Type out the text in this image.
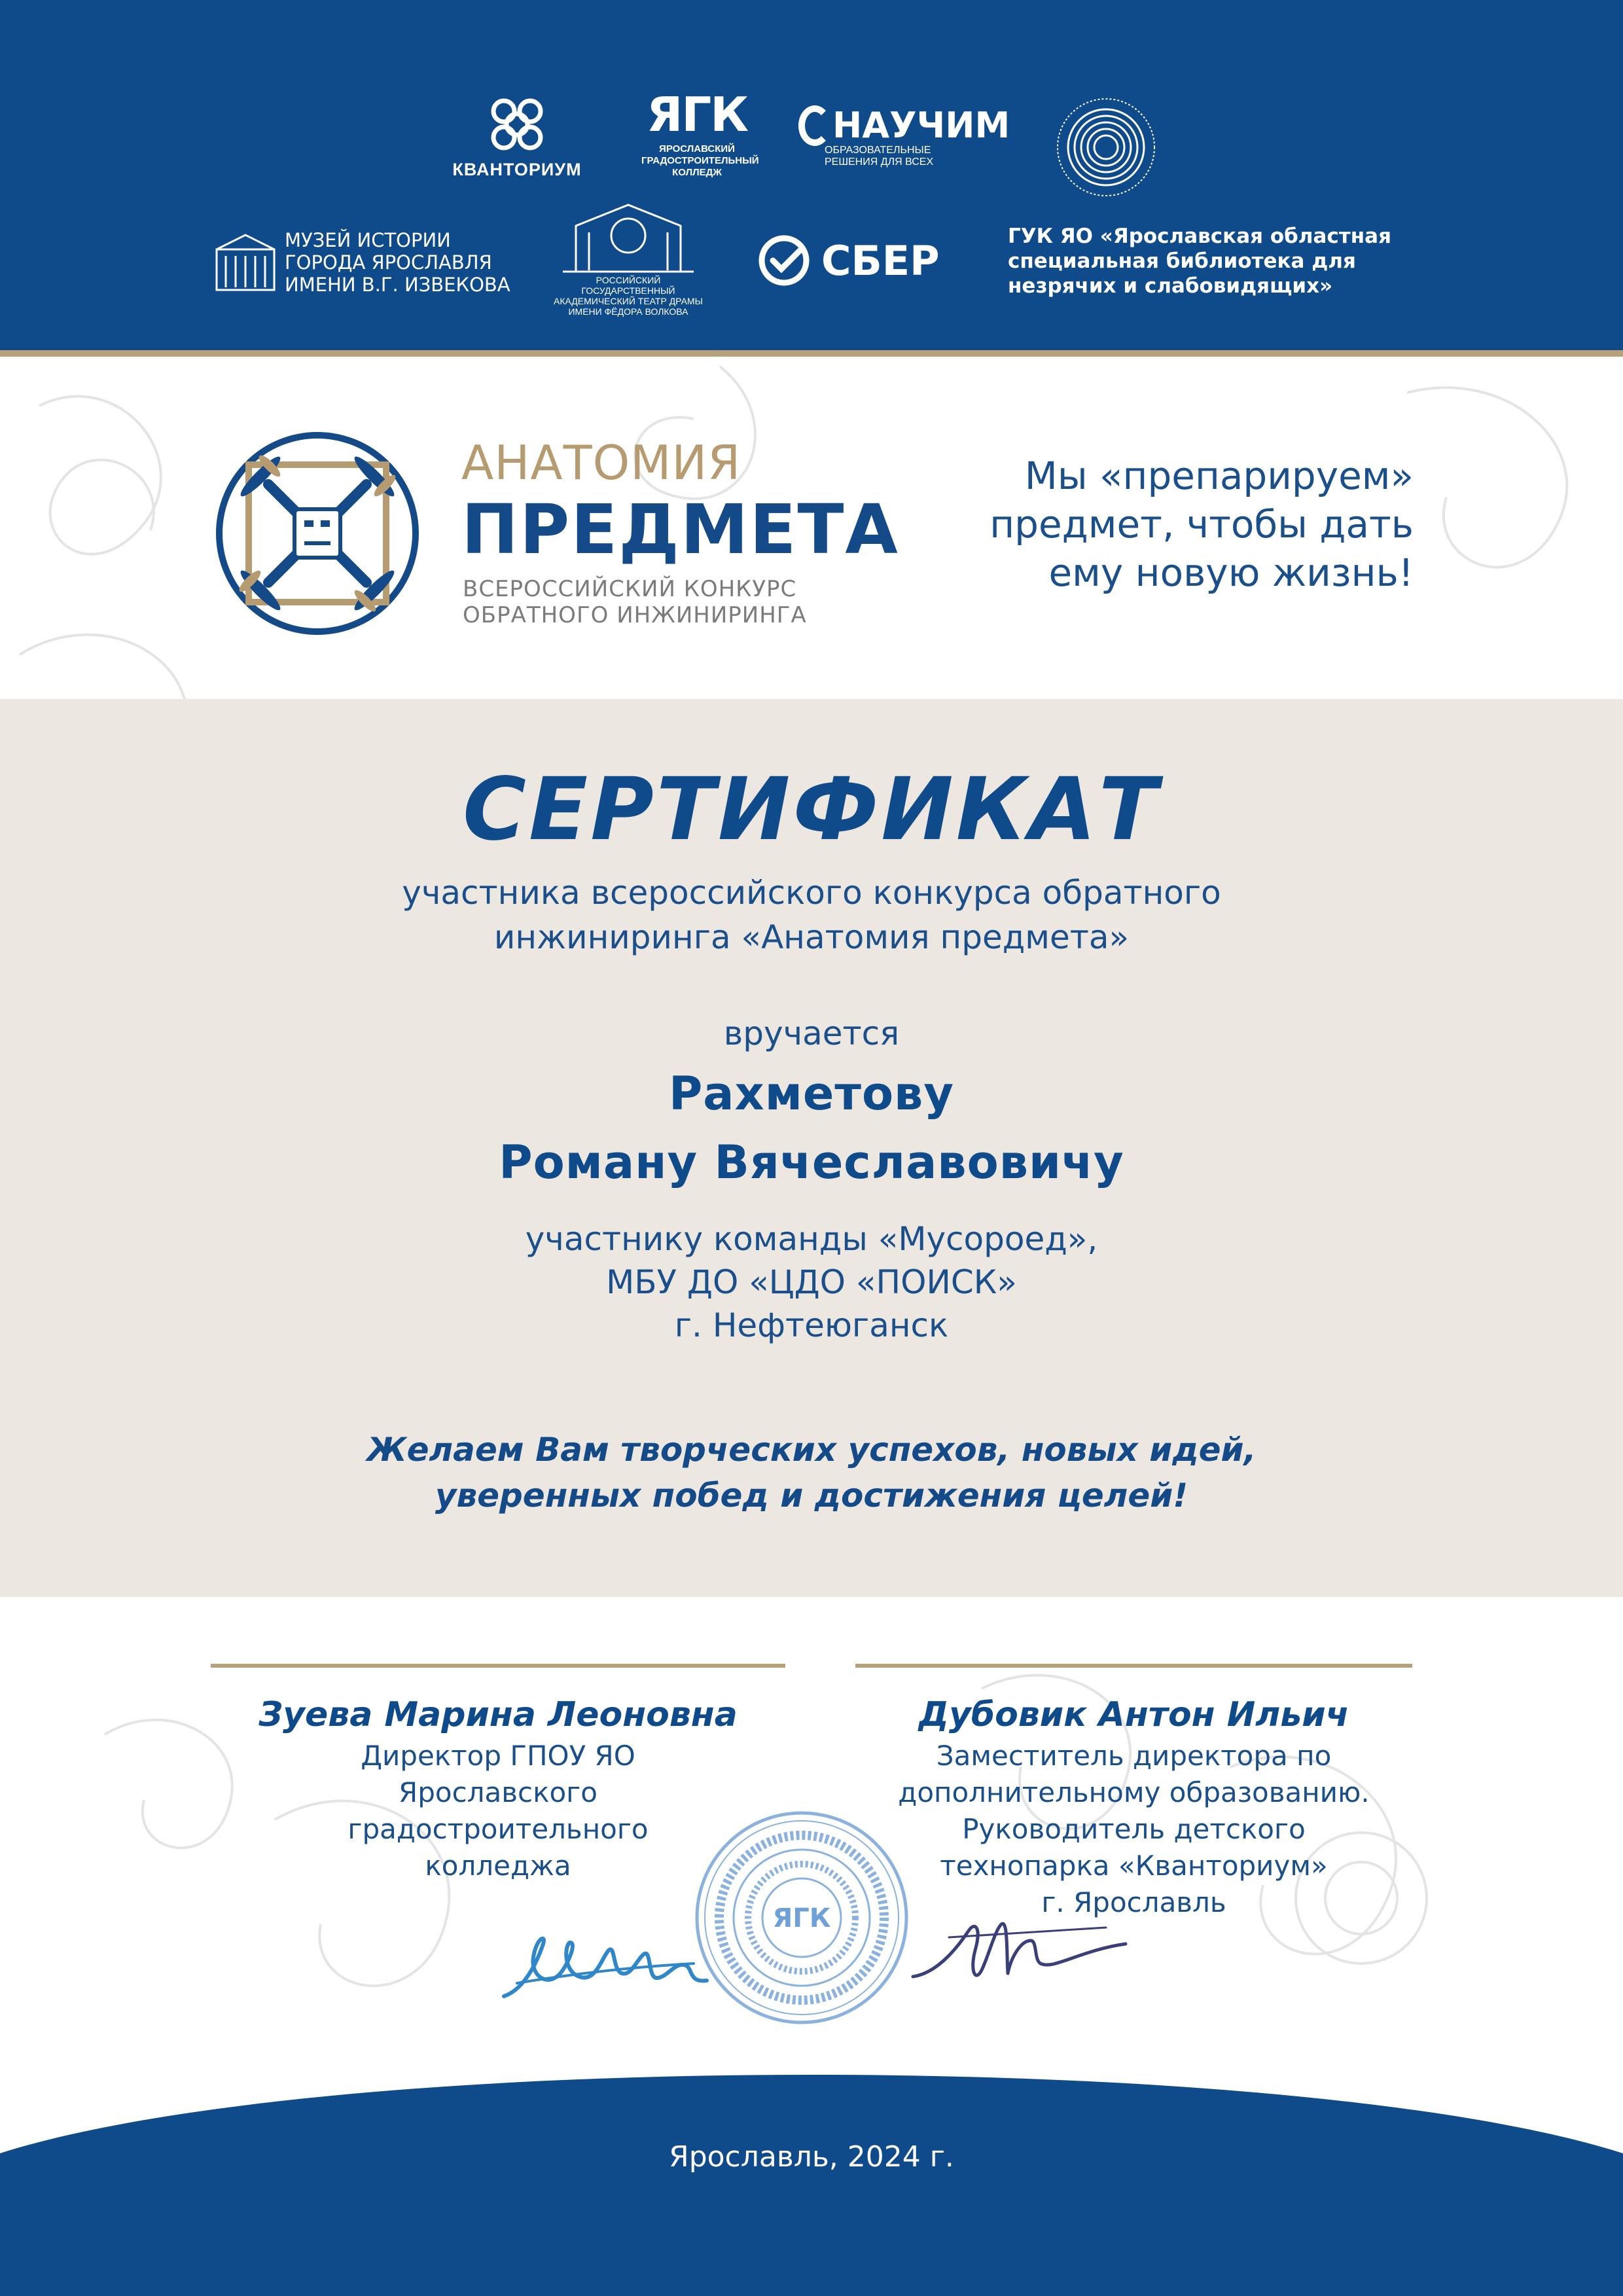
КВАНТОРИУМ
ЯГК
ЯРОСЛАВСКИЙ ГРАДОСТРОИТЕЛЬНЫЙ КОЛЛЕДЖ
НАУЧИМ
ОБРАЗОВАТЕЛЬНЫЕ РЕШЕНИЯ ДЛЯ ВСЕХ
МУЗЕЙ ИСТОРИИ
ГОРОДА ЯРОСЛАВЛЯ
ИМЕНИ В.Г. ИЗВЕКОВА	РОССИЙСКИЙ ГОСУДАРСТВЕННЫЙ
АКАДЕМИЧЕСКИЙ ТЕАТР ДРАМЫ
ИМЕНИ ФЁДОРА ВОЛКОВА
СБЕР
ГУК ЯО «Ярославская областная
специальная библиотека для
незрячих и слабовидящих»
АНАТОМИЯ
ПРЕДМЕТА
ВСЕРОССИЙСКИЙ КОНКУРС
ОБРАТНОГО ИНЖИНИРИНГА
Мы «препарируем»
предмет, чтобы дать
ему новую жизнь!
СЕРТИФИКАТ
участника всероссийского конкурса обратного
инжиниринга «Анатомия предмета»
вручается
Рахметову
Роману Вячеславовичу
участнику команды «Мусороед»,
МБУ ДО «ЦДО «ПОИСК»
г. Нефтеюганск
Желаем Вам творческих успехов, новых идей,
уверенных побед и достижения целей!
Зуева Марина Леоновна
Директор ГПОУ ЯО
Ярославского
градостроительного
колледжа
Дубовик Антон Ильич
Заместитель директора по
дополнительному образованию.
Руководитель детского
технопарка «Кванториум»
г. Ярославль
ЯГК
Ярославль, 2024 г.
